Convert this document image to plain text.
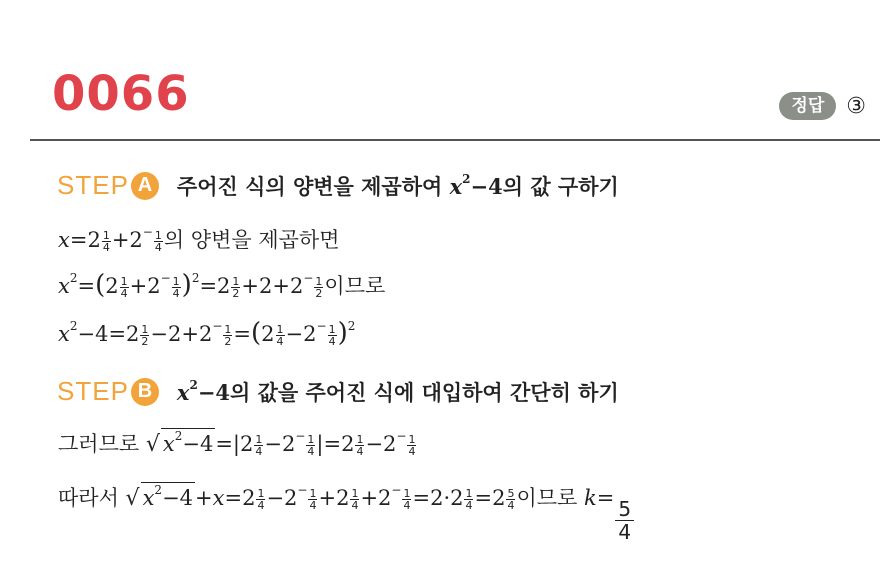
0066	정답	③
STEP A	주어진 식의 양변을 제곱하여 $x^2-4$의 값 구하기
$x=2 \frac{1}{4} +2^- \frac{1}{4}$ 의 양변을 제곱하면
$x^2=(2 \frac{1}{4} +2^- \frac{1}{4} )^2=2 \frac{1}{2} +2+2^- \frac{1}{2}$ 이므로
$x^2-4=2 \frac{1}{2} -2+2^- \frac{1}{2} =(2 \frac{1}{4} -2^- \frac{1}{4} )^2$
STEP B	$x^2-4$의 값을 주어진 식에 대입하여 간단히 하기
그러므로 √ $x^2-4=|2 \frac{1}{4} -2^- \frac{1}{4} |=2 \frac{1}{4} -2^- \frac{1}{4}$
따라서 √ $x^2-4+x=2 \frac{1}{4} -2^- \frac{1}{4} +2 \frac{1}{4} +2^- \frac{1}{4} =2\cdot 2 \frac{1}{4} =2 \frac{5}{4}$ 이므로 $k= \frac{5}{4}$
